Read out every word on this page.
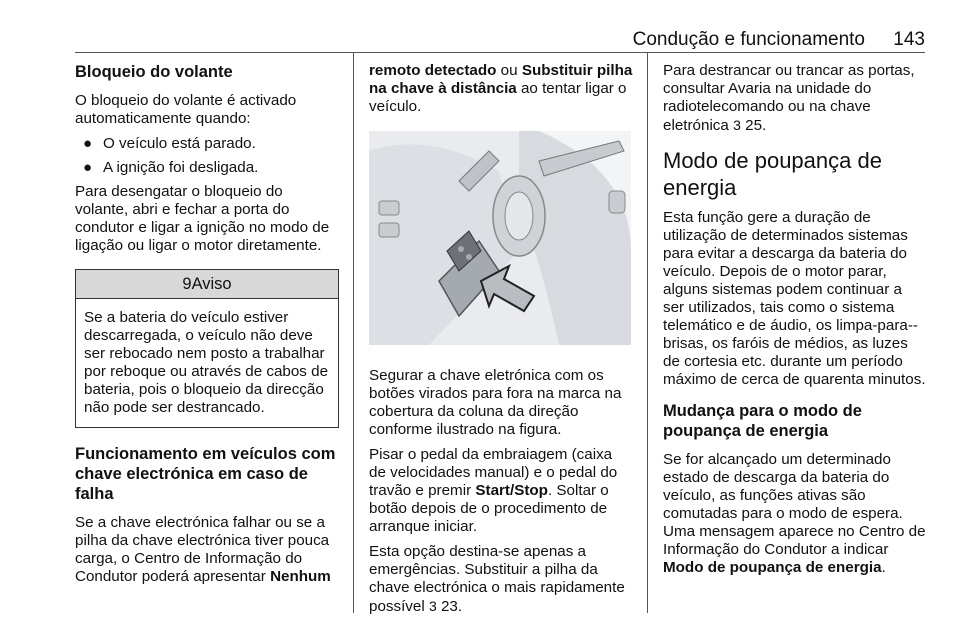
Condução e funcionamento 143
Bloqueio do volante

O bloqueio do volante é activado automaticamente quando:

● O veículo está parado.
● A ignição foi desligada.

Para desengatar o bloqueio do volante, abri e fechar a porta do condutor e ligar a ignição no modo de ligação ou ligar o motor diretamente.

9Aviso
Se a bateria do veículo estiver descarregada, o veículo não deve ser rebocado nem posto a trabalhar por reboque ou através de cabos de bateria, pois o bloqueio da direcção não pode ser destrancado.
Funcionamento em veículos com chave electrónica em caso de falha

Se a chave electrónica falhar ou se a pilha da chave electrónica tiver pouca carga, o Centro de Informação do Condutor poderá apresentar Nenhum

remoto detectado ou Substituir pilha na chave à distância ao tentar ligar o veículo.

Segurar a chave eletrónica com os botões virados para fora na marca na cobertura da coluna da direção conforme ilustrado na figura.

Pisar o pedal da embraiagem (caixa de velocidades manual) e o pedal do travão e premir Start/Stop. Soltar o botão depois de o procedimento de arranque iniciar.

Esta opção destina-se apenas a emergências. Substituir a pilha da chave electrónica o mais rapidamente possível 3 23.

Para destrancar ou trancar as portas, consultar Avaria na unidade do radiotelecomando ou na chave eletrónica 3 25.

Modo de poupança de energia

Esta função gere a duração de utilização de determinados sistemas para evitar a descarga da bateria do veículo. Depois de o motor parar, alguns sistemas podem continuar a ser utilizados, tais como o sistema telemático e de áudio, os limpa-para--brisas, os faróis de médios, as luzes de cortesia etc. durante um período máximo de cerca de quarenta minutos.

Mudança para o modo de poupança de energia

Se for alcançado um determinado estado de descarga da bateria do veículo, as funções ativas são comutadas para o modo de espera. Uma mensagem aparece no Centro de Informação do Condutor a indicar Modo de poupança de energia.
